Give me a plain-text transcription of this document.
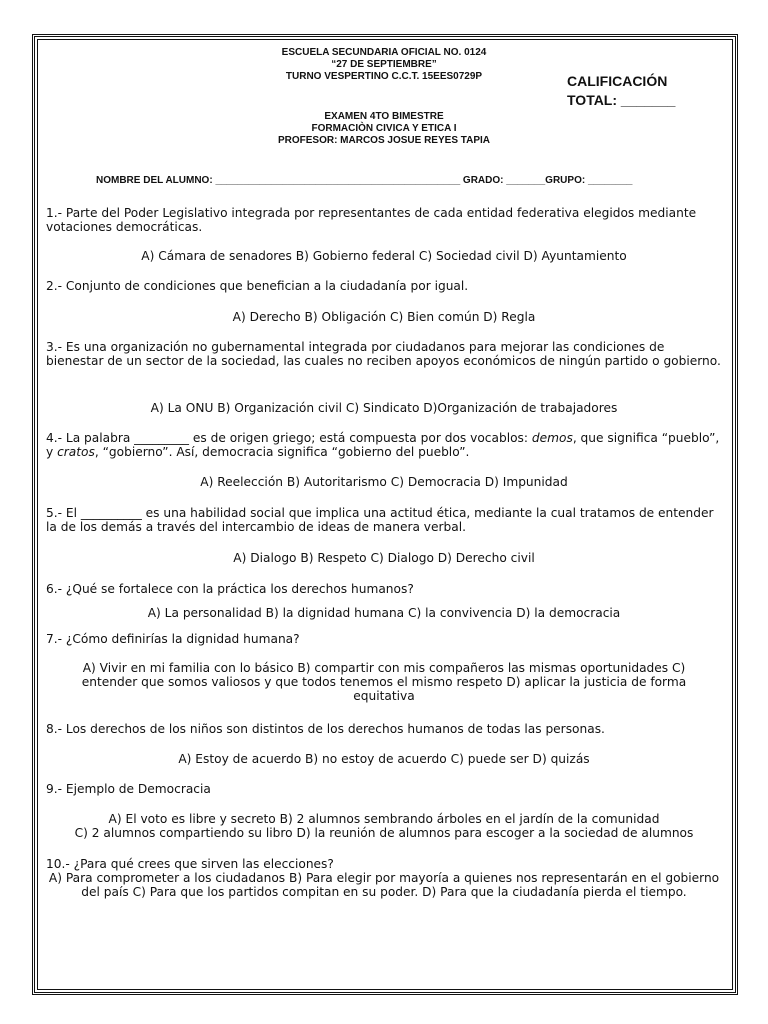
ESCUELA SECUNDARIA OFICIAL NO. 0124
“27 DE SEPTIEMBRE”
TURNO VESPERTINO C.C.T. 15EES0729P	CALIFICACIÓN
TOTAL: _______
EXAMEN 4TO BIMESTRE
FORMACIÒN CIVICA Y ETICA I
PROFESOR: MARCOS JOSUE REYES TAPIA
NOMBRE DEL ALUMNO: ____________________________________________ GRADO: _______GRUPO: ________
1.- Parte del Poder Legislativo integrada por representantes de cada entidad federativa elegidos mediante votaciones democráticas.
A) Cámara de senadores B) Gobierno federal C) Sociedad civil D) Ayuntamiento
2.- Conjunto de condiciones que benefician a la ciudadanía por igual.
A) Derecho B) Obligación C) Bien común D) Regla
3.- Es una organización no gubernamental integrada por ciudadanos para mejorar las condiciones de bienestar de un sector de la sociedad, las cuales no reciben apoyos económicos de ningún partido o gobierno.
A) La ONU B) Organización civil C) Sindicato D)Organización de trabajadores
4.- La palabra _________ es de origen griego; está compuesta por dos vocablos: demos, que significa “pueblo”, y cratos, “gobierno”. Así, democracia significa “gobierno del pueblo”.
A) Reelección B) Autoritarismo C) Democracia D) Impunidad
5.- El __________ es una habilidad social que implica una actitud ética, mediante la cual tratamos de entender la de los demás a través del intercambio de ideas de manera verbal.
A) Dialogo B) Respeto C) Dialogo D) Derecho civil
6.- ¿Qué se fortalece con la práctica los derechos humanos?
A) La personalidad B) la dignidad humana C) la convivencia D) la democracia
7.- ¿Cómo definirías la dignidad humana?
A) Vivir en mi familia con lo básico B) compartir con mis compañeros las mismas oportunidades C) entender que somos valiosos y que todos tenemos el mismo respeto D) aplicar la justicia de forma equitativa
8.- Los derechos de los niños son distintos de los derechos humanos de todas las personas.
A) Estoy de acuerdo B) no estoy de acuerdo C) puede ser D) quizás
9.- Ejemplo de Democracia
A) El voto es libre y secreto B) 2 alumnos sembrando árboles en el jardín de la comunidad
C) 2 alumnos compartiendo su libro D) la reunión de alumnos para escoger a la sociedad de alumnos
10.- ¿Para qué crees que sirven las elecciones?
A) Para comprometer a los ciudadanos B) Para elegir por mayoría a quienes nos representarán en el gobierno del país C) Para que los partidos compitan en su poder. D) Para que la ciudadanía pierda el tiempo.
